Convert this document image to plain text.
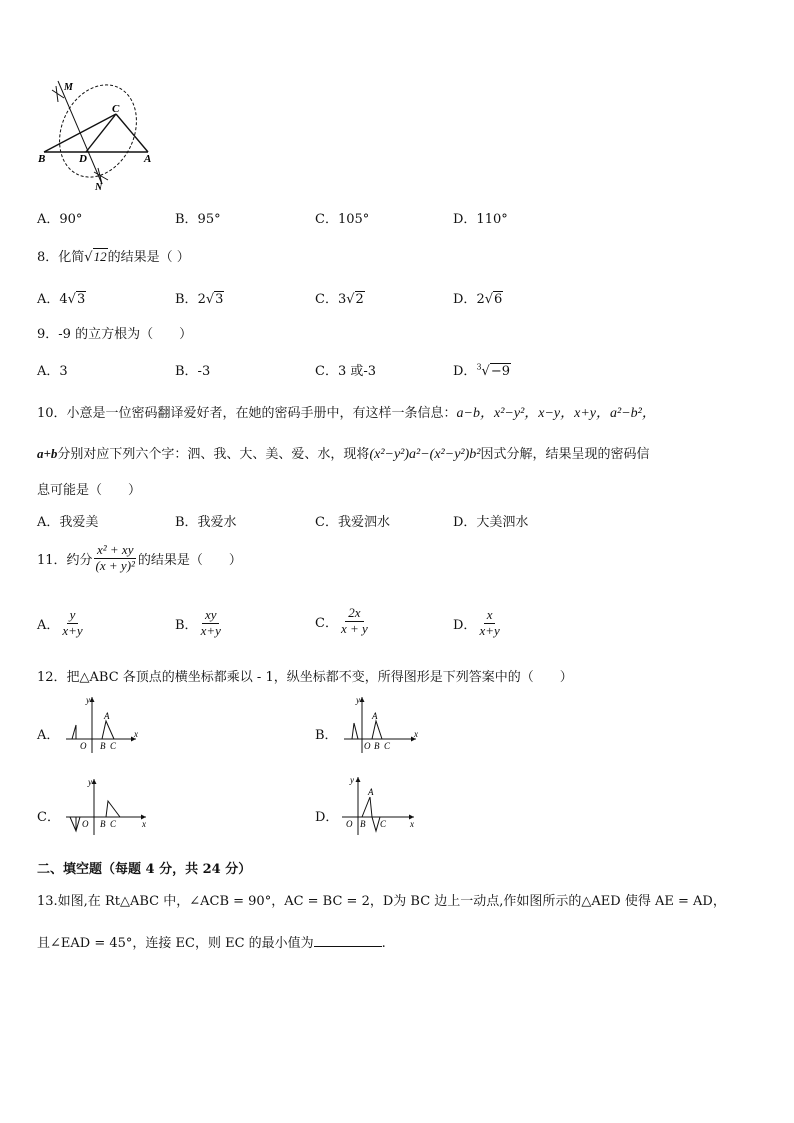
M
C
B	D	A
N
A．90°	B．95°	C．105°	D．110°
8．化简√12的结果是（ ）
A．4√3	B．2√3	C．3√2	D．2√6
9．-9 的立方根为（　　）
A．3	B．-3	C．3 或-3	D．$^3$√−9
10．小意是一位密码翻译爱好者，在她的密码手册中，有这样一条信息：a−b，x²−y²，x−y，x+y，a²−b²，
a+b分别对应下列六个字：泗、我、大、美、爱、水，现将(x²−y²)a²−(x²−y²)b²因式分解，结果呈现的密码信
息可能是（　　）
A．我爱美	B．我爱水	C．我爱泗水	D．大美泗水
11．约分 $\frac{\text{x² + xy}}{\text{(x + y)²}}$ 的结果是（　　）
A． $\frac{y}{x+y}$	B． $\frac{xy}{x+y}$	C． $\frac{2x}{x + y}$	D． $\frac{x}{x+y}$
12．把△ABC 各顶点的横坐标都乘以 - 1，纵坐标都不变，所得图形是下列答案中的（　　）
A．
y
x
O
A
B C
B．
y
x
O
A
B C
C．
y
x
O B C	D．
y
x
A
O B C
二、填空题（每题 4 分，共 24 分）
13.如图,在 Rt△ABC 中，∠ACB = 90°，AC = BC = 2，D为 BC 边上一动点,作如图所示的△AED 使得 AE = AD，
且∠EAD = 45°，连接 EC，则 EC 的最小值为	.
